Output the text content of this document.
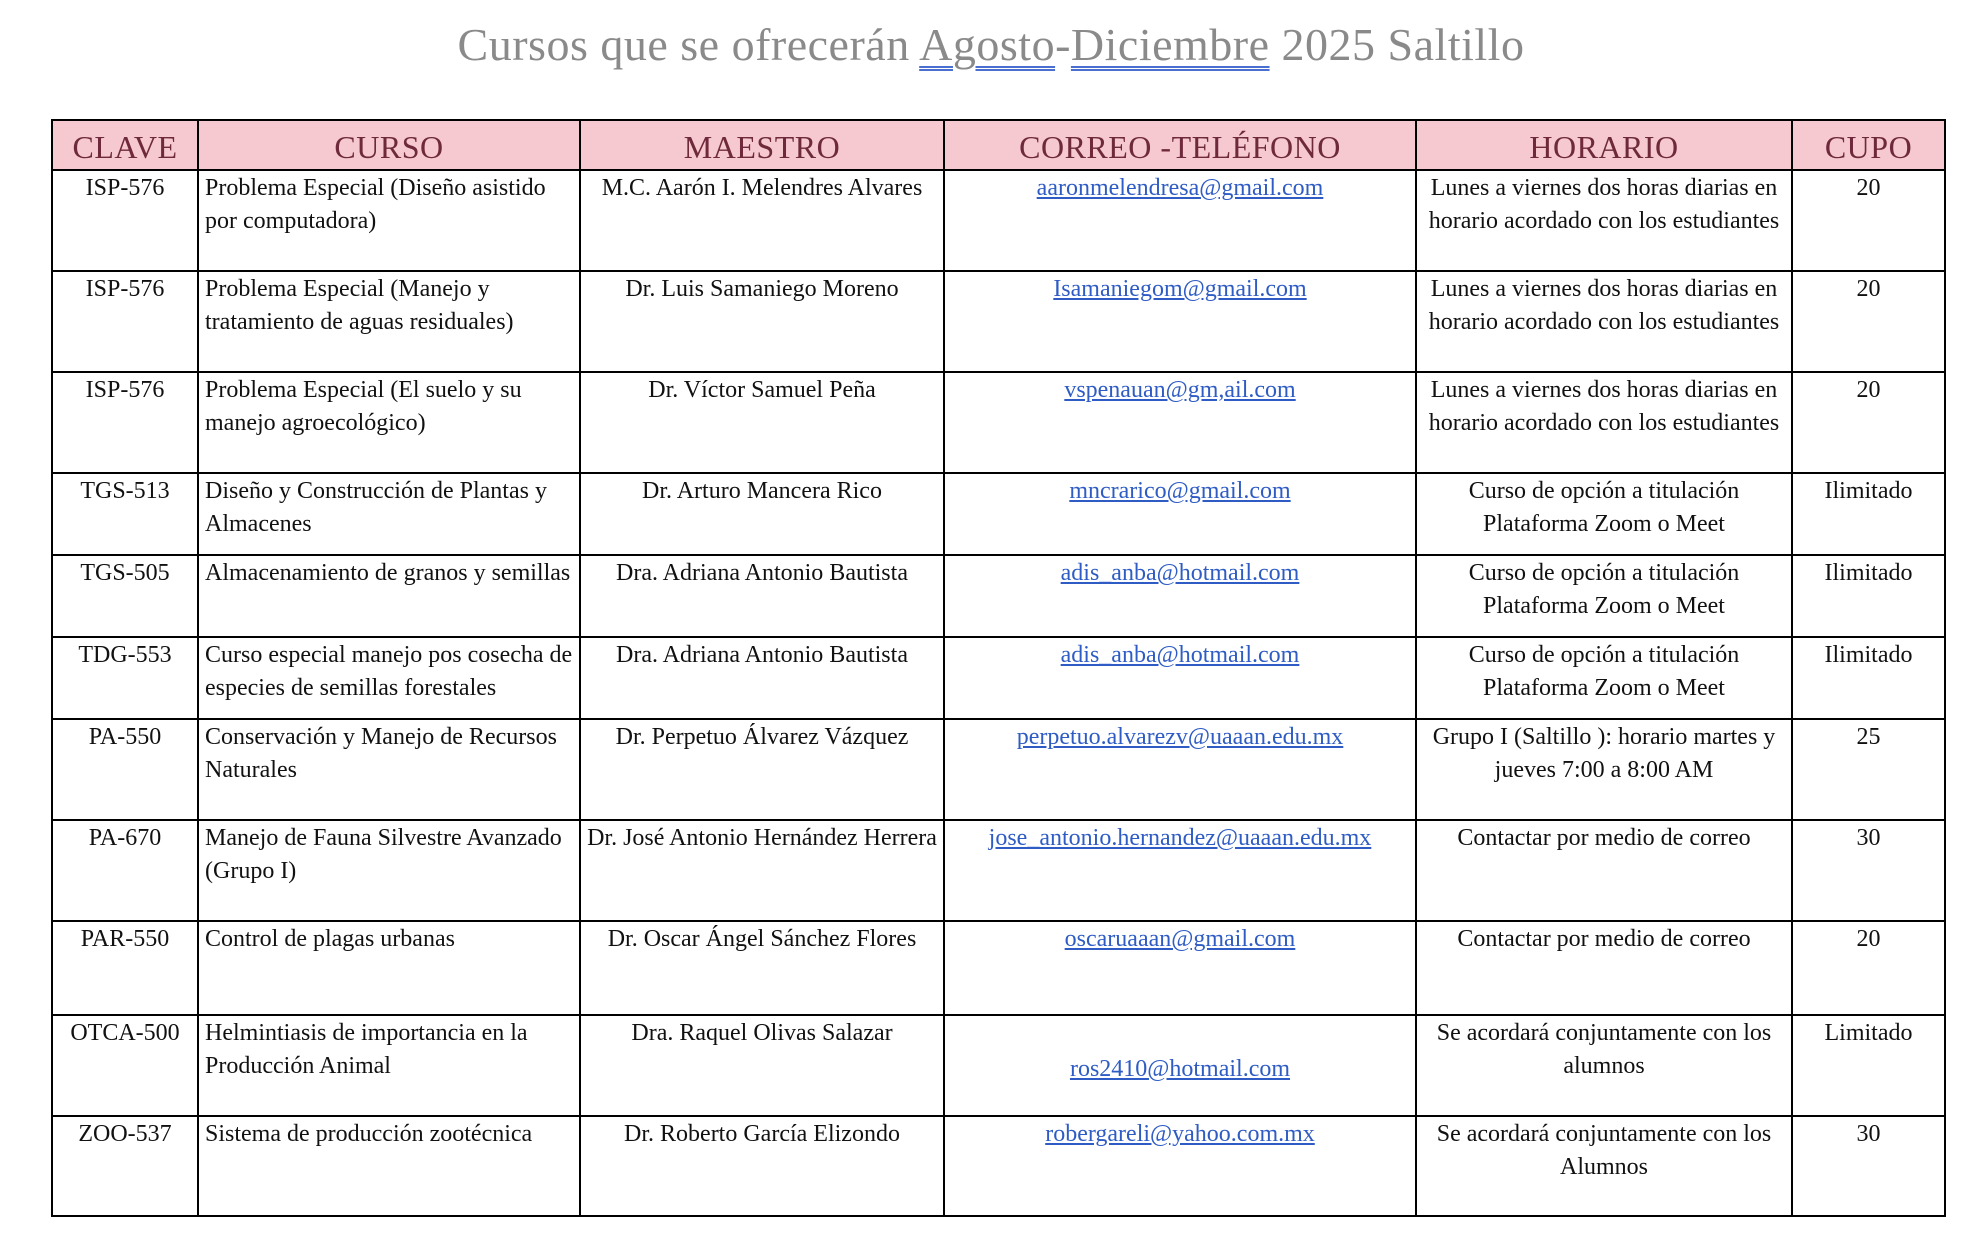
Cursos que se ofrecerán Agosto-Diciembre 2025 Saltillo
CLAVE	CURSO	MAESTRO	CORREO -TELÉFONO	HORARIO	CUPO
ISP-576	Problema Especial (Diseño asistido por computadora)	M.C. Aarón I. Melendres Alvares	aaronmelendresa@gmail.com	Lunes a viernes dos horas diarias en horario acordado con los estudiantes	20
ISP-576	Problema Especial (Manejo y tratamiento de aguas residuales)	Dr. Luis Samaniego Moreno	Isamaniegom@gmail.com	Lunes a viernes dos horas diarias en horario acordado con los estudiantes	20
ISP-576	Problema Especial (El suelo y su manejo agroecológico)	Dr. Víctor Samuel Peña	vspenauan@gm,ail.com	Lunes a viernes dos horas diarias en horario acordado con los estudiantes	20
TGS-513	Diseño y Construcción de Plantas y Almacenes	Dr. Arturo Mancera Rico	mncrarico@gmail.com	Curso de opción a titulación Plataforma Zoom o Meet	Ilimitado
TGS-505	Almacenamiento de granos y semillas	Dra. Adriana Antonio Bautista	adis_anba@hotmail.com	Curso de opción a titulación Plataforma Zoom o Meet	Ilimitado
TDG-553	Curso especial manejo pos cosecha de especies de semillas forestales	Dra. Adriana Antonio Bautista	adis_anba@hotmail.com	Curso de opción a titulación Plataforma Zoom o Meet	Ilimitado
PA-550	Conservación y Manejo de Recursos Naturales	Dr. Perpetuo Álvarez Vázquez	perpetuo.alvarezv@uaaan.edu.mx	Grupo I (Saltillo ): horario martes y jueves 7:00 a 8:00 AM	25
PA-670	Manejo de Fauna Silvestre Avanzado (Grupo I)	Dr. José Antonio Hernández Herrera	jose_antonio.hernandez@uaaan.edu.mx	Contactar por medio de correo	30
PAR-550	Control de plagas urbanas	Dr. Oscar Ángel Sánchez Flores	oscaruaaan@gmail.com	Contactar por medio de correo	20
OTCA-500	Helmintiasis de importancia en la Producción Animal	Dra. Raquel Olivas Salazar	ros2410@hotmail.com	Se acordará conjuntamente con los alumnos	Limitado
ZOO-537	Sistema de producción zootécnica	Dr. Roberto García Elizondo	robergareli@yahoo.com.mx	Se acordará conjuntamente con los Alumnos	30
